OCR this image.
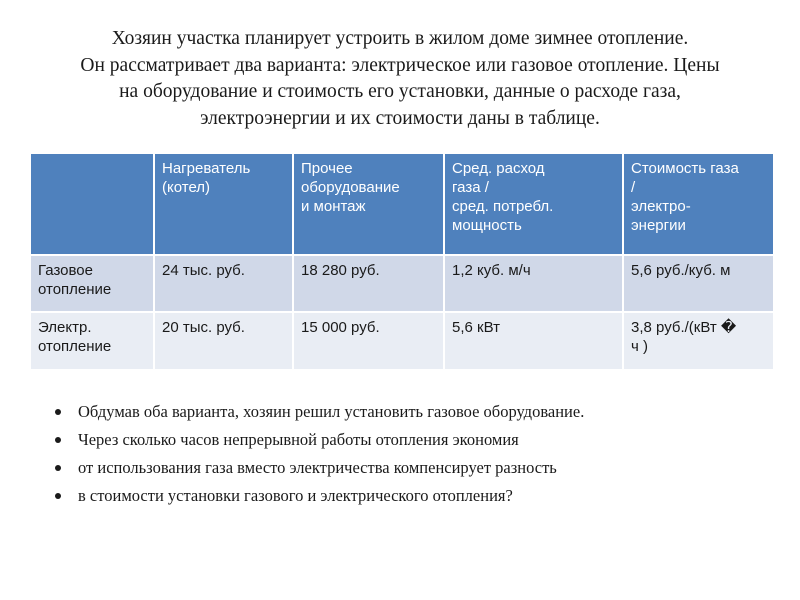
Хозяин участка планирует устроить в жилом доме зимнее отопление.
Он рассматривает два варианта: электрическое или газовое отопление. Цены
на оборудование и стоимость его установки, данные о расходе газа,
электроэнергии и их стоимости даны в таблице.
	Нагреватель
(котел)	Прочее
оборудование
и монтаж	Сред. расход
газа /
сред. потребл.
мощность	Стоимость газа
/
электро-
энергии
Газовое
отопление	24 тыс. руб.	18 280 руб.	1,2 куб. м/ч	5,6 руб./куб. м
Электр.
отопление	20 тыс. руб.	15 000 руб.	5,6 кВт	3,8 руб./(кВт �
ч )
Обдумав оба варианта, хозяин решил установить газовое оборудование.
Через сколько часов непрерывной работы отопления экономия
от использования газа вместо электричества компенсирует разность
в стоимости установки газового и электрического отопления?
